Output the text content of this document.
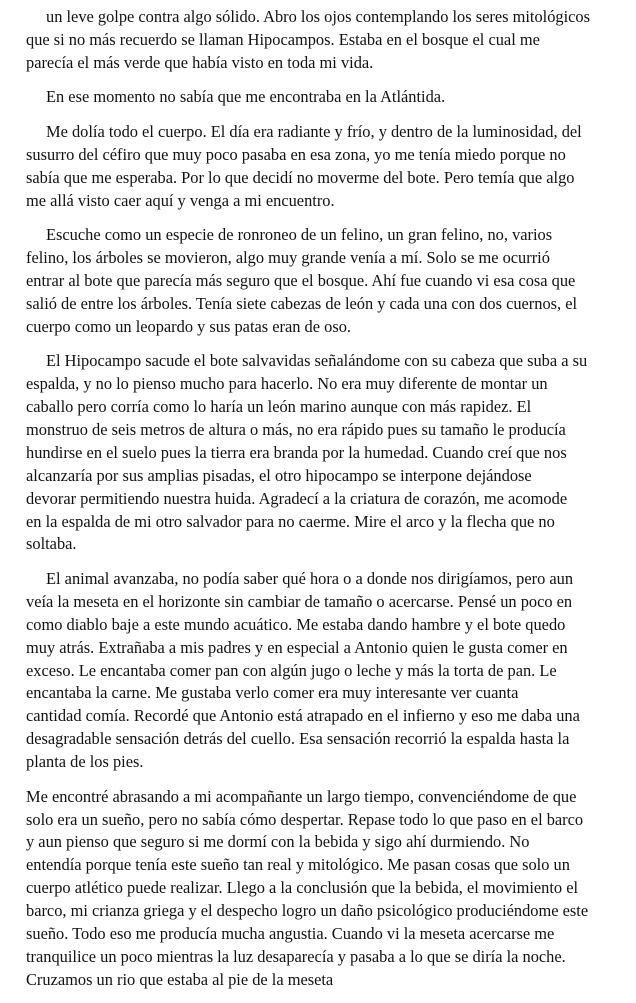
un leve golpe contra algo sólido. Abro los ojos contemplando los seres mitológicos
que si no más recuerdo se llaman Hipocampos. Estaba en el bosque el cual me
parecía el más verde que había visto en toda mi vida.

En ese momento no sabía que me encontraba en la Atlántida.

Me dolía todo el cuerpo. El día era radiante y frío, y dentro de la luminosidad, del
susurro del céfiro que muy poco pasaba en esa zona, yo me tenía miedo porque no
sabía que me esperaba. Por lo que decidí no moverme del bote. Pero temía que algo
me allá visto caer aquí y venga a mi encuentro.

Escuche como un especie de ronroneo de un felino, un gran felino, no, varios
felino, los árboles se movieron, algo muy grande venía a mí. Solo se me ocurrió
entrar al bote que parecía más seguro que el bosque. Ahí fue cuando vi esa cosa que
salió de entre los árboles. Tenía siete cabezas de león y cada una con dos cuernos, el
cuerpo como un leopardo y sus patas eran de oso.

El Hipocampo sacude el bote salvavidas señalándome con su cabeza que suba a su
espalda, y no lo pienso mucho para hacerlo. No era muy diferente de montar un
caballo pero corría como lo haría un león marino aunque con más rapidez. El
monstruo de seis metros de altura o más, no era rápido pues su tamaño le producía
hundirse en el suelo pues la tierra era branda por la humedad. Cuando creí que nos
alcanzaría por sus amplias pisadas, el otro hipocampo se interpone dejándose
devorar permitiendo nuestra huida. Agradecí a la criatura de corazón, me acomode
en la espalda de mi otro salvador para no caerme. Mire el arco y la flecha que no
soltaba.

El animal avanzaba, no podía saber qué hora o a donde nos dirigíamos, pero aun
veía la meseta en el horizonte sin cambiar de tamaño o acercarse. Pensé un poco en
como diablo baje a este mundo acuático. Me estaba dando hambre y el bote quedo
muy atrás. Extrañaba a mis padres y en especial a Antonio quien le gusta comer en
exceso. Le encantaba comer pan con algún jugo o leche y más la torta de pan. Le
encantaba la carne. Me gustaba verlo comer era muy interesante ver cuanta
cantidad comía. Recordé que Antonio está atrapado en el infierno y eso me daba una
desagradable sensación detrás del cuello. Esa sensación recorrió la espalda hasta la
planta de los pies.

Me encontré abrasando a mi acompañante un largo tiempo, convenciéndome de que
solo era un sueño, pero no sabía cómo despertar. Repase todo lo que paso en el barco
y aun pienso que seguro si me dormí con la bebida y sigo ahí durmiendo. No
entendía porque tenía este sueño tan real y mitológico. Me pasan cosas que solo un
cuerpo atlético puede realizar. Llego a la conclusión que la bebida, el movimiento el
barco, mi crianza griega y el despecho logro un daño psicológico produciéndome este
sueño. Todo eso me producía mucha angustia. Cuando vi la meseta acercarse me
tranquilice un poco mientras la luz desaparecía y pasaba a lo que se diría la noche.
Cruzamos un rio que estaba al pie de la meseta
